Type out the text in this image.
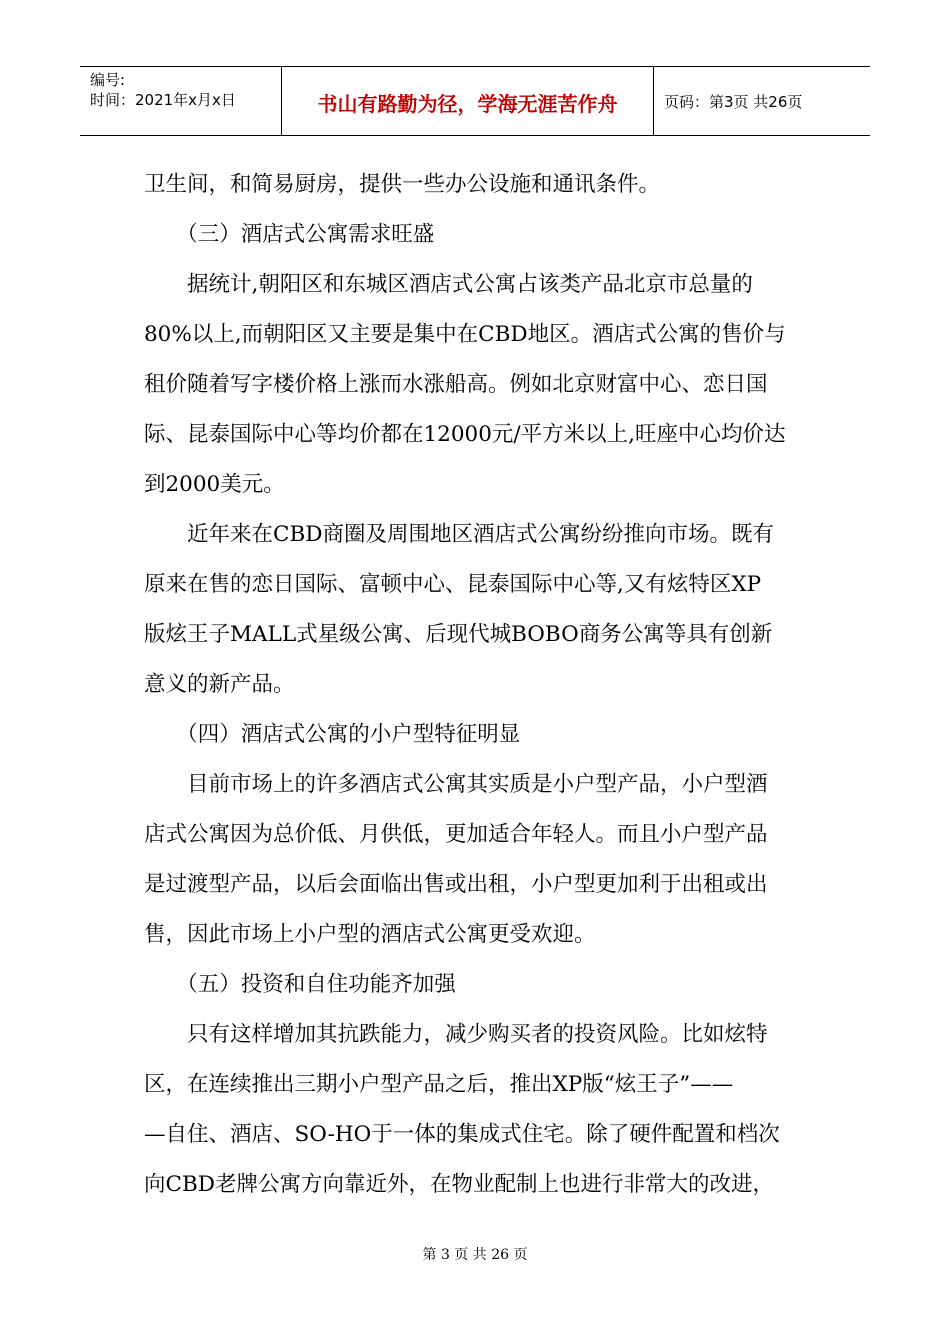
编号:
时间：2021年x月x日	书山有路勤为径，学海无涯苦作舟	页码：第3页 共26页
卫生间，和简易厨房，提供一些办公设施和通讯条件。
　　（三）酒店式公寓需求旺盛
　　据统计,朝阳区和东城区酒店式公寓占该类产品北京市总量的
80%以上,而朝阳区又主要是集中在CBD地区。酒店式公寓的售价与
租价随着写字楼价格上涨而水涨船高。例如北京财富中心、恋日国
际、昆泰国际中心等均价都在12000元/平方米以上,旺座中心均价达
到2000美元。
　　近年来在CBD商圈及周围地区酒店式公寓纷纷推向市场。既有
原来在售的恋日国际、富顿中心、昆泰国际中心等,又有炫特区XP
版炫王子MALL式星级公寓、后现代城BOBO商务公寓等具有创新
意义的新产品。
　　（四）酒店式公寓的小户型特征明显
　　目前市场上的许多酒店式公寓其实质是小户型产品，小户型酒
店式公寓因为总价低、月供低，更加适合年轻人。而且小户型产品
是过渡型产品，以后会面临出售或出租，小户型更加利于出租或出
售，因此市场上小户型的酒店式公寓更受欢迎。
　　（五）投资和自住功能齐加强
　　只有这样增加其抗跌能力，减少购买者的投资风险。比如炫特
区，在连续推出三期小户型产品之后，推出XP版“炫王子”——
—自住、酒店、SO-HO于一体的集成式住宅。除了硬件配置和档次
向CBD老牌公寓方向靠近外，在物业配制上也进行非常大的改进，
第 3 页 共 26 页
